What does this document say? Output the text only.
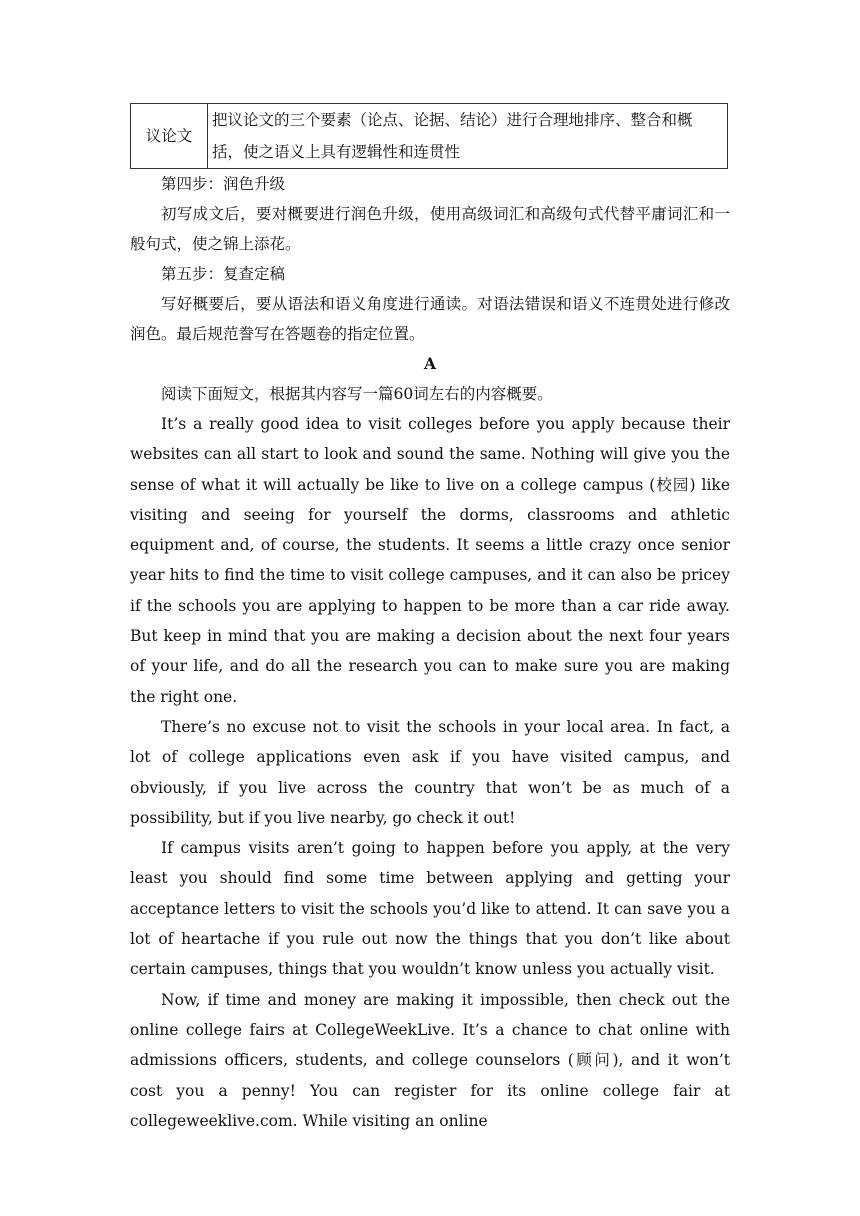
议论文	把议论文的三个要素（论点、论据、结论）进行合理地排序、整合和概括，使之语义上具有逻辑性和连贯性

第四步：润色升级

初写成文后，要对概要进行润色升级，使用高级词汇和高级句式代替平庸词汇和一般句式，使之锦上添花。

第五步：复查定稿

写好概要后，要从语法和语义角度进行通读。对语法错误和语义不连贯处进行修改润色。最后规范誊写在答题卷的指定位置。

A

阅读下面短文，根据其内容写一篇60词左右的内容概要。

It’s a really good idea to visit colleges before you apply because their websites can all start to look and sound the same. Nothing will give you the sense of what it will actually be like to live on a college campus (校园) like visiting and seeing for yourself the dorms, classrooms and athletic equipment and, of course, the students. It seems a little crazy once senior year hits to find the time to visit college campuses, and it can also be pricey if the schools you are applying to happen to be more than a car ride away. But keep in mind that you are making a decision about the next four years of your life, and do all the research you can to make sure you are making the right one.

There’s no excuse not to visit the schools in your local area. In fact, a lot of college applications even ask if you have visited campus, and obviously, if you live across the country that won’t be as much of a possibility, but if you live nearby, go check it out!

If campus visits aren’t going to happen before you apply, at the very least you should find some time between applying and getting your acceptance letters to visit the schools you’d like to attend. It can save you a lot of heartache if you rule out now the things that you don’t like about certain campuses, things that you wouldn’t know unless you actually visit.

Now, if time and money are making it impossible, then check out the online college fairs at CollegeWeekLive. It’s a chance to chat online with admissions officers, students, and college counselors (顾问), and it won’t cost you a penny! You can register for its online college fair at collegeweeklive.com. While visiting an online
